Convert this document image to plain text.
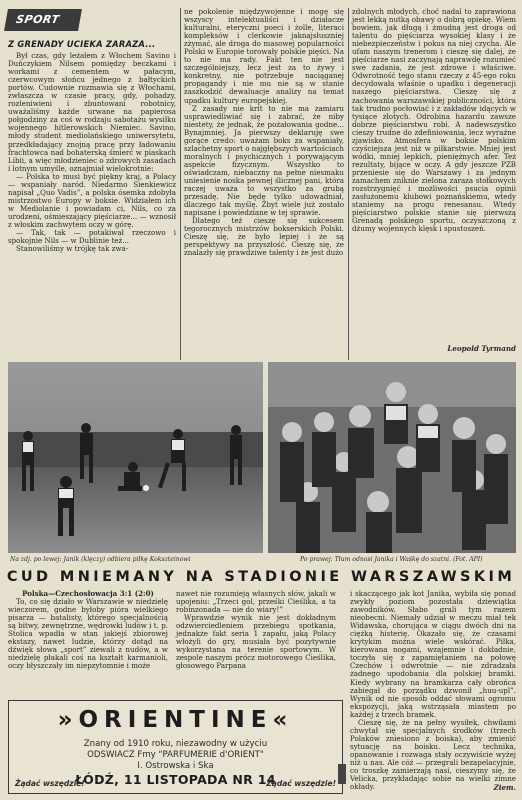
SPORT
Z GRENADY UCIEKA ZARAZA...

Był czas, gdy leżałem z Włochem Savino i Duńczykiem Nilsem pomiędzy beczkami i workami z cementem w pałacym, czerwcowym słońcu jednego z bałtyckich portów. Cudownie rozmawia się z Włochami, zwłaszcza w czasie pracy, gdy, pohadzy, rozleniwieni i zbuntowani robotnicy, uważaliśmy każde urwane na papierosa połgodziny za coś w rodzaju sabotażu wysiłku wojennego hitlerowskich Niemiec. Savino, młody student mediolańskiego uniwersytetu, przedkładający znojną pracę przy ładowaniu frachtowca nad bohaterską śmierć w piaskach Libii, a więc młodzieniec o zdrowych zasadach i lotnym umyśle, oznajmiał wielokrotnie:

— Polska to musi być piękny kraj, a Polacy — wspaniały naród. Niedarmo Sienkiewicz napisał „Quo Vadis”, a polska ósemka zdobyła mistrzostwo Europy w boksie. Widziałem ich w Mediolanie i powiadam ci, Nils, co za urodzeni, ośmieszający pięściarze... — wznosił z włoskim zachwytem oczy w górę.

— Tak, tak — potakiwał rzeczowo i spokojnie Nils — w Dublinie też...

Stanowiliśmy w trójkę tak zwa-

ne pokolenie międzywojenne i mogę się wszyscy intelektualiści i działacze kulturalni, eteryczni poeci i żolle, literaci kompleksów i clerkowie jaknajsłuszniej zżymać, ale droga do masowej popularności Polski w Europie torowały polskie pięści. Na to nie ma rady. Fakt ten nie jest szczególniejszy, lecz jest za to żywy i konkretny, nie potrzebuje naciąganej propagandy i nie mu nie są w stanie zaszkodzić dewaluacje analizy na temat upadku kultury europejskiej.

Z zasady nie krit to nie ma zamiaru usprawiedliwiać się i zabrać, że niby niestety, że jednak, że pożałowania godne... Bynajmniej. Ja pierwszy deklaruję swe gorące credo: uważam boks za wspaniały, szlachetny sport o najgłębszych wartościach moralnych i psychicznych i porywającym aspekcie fizycznym. Wszystko to oświadczam, niebaczny na pełne niesmaku uniesienie noska pewnej ślicznej pani, która raczej uważa to wszystko za grubą przesadę. Nie będę tylko udowadniał, dlaczego tak myślę. Zbyt wiele już zostało napisane i powiedziane w tej sprawie.

Dlatego też cieszę się sukcesem tegorocznych mistrzów bokserskich Polski. Cieszę się, że było lepiej i że są perspektywy na przyszłość. Cieszę się, że znalazły się prawdziwe talenty i że jest dużo

zdolnych młodych, choć nadal to zaprawiona jest lekką nutką obawy o dobrą opiekę. Wiem bowiem, jak długą i żmudną jest droga od talentu do pięściarza wysokiej klasy i że niebezpieczeństw i pokus na niej czycha. Ale ufam naszym trenerom i cieszę się dalej, że pięściarze nasi zaczynają naprawdę rozumieć swe zadania, że jest zdrowe i właściwe. Odwrotność tego stanu rzeczy z 45-ego roku decydowała właśnie o upadku i degeneracji naszego pięściarstwa. Cieszę się z zachowania warszawskiej publiczności, która tak trudno pocłowiać i z zakładów idących w tysiące złotych. Odrobina hazardu zawsze dobrze pięściarstwu robi. A nadewszystko cieszy trudne do zdefiniowania, lecz wyraźne zjawisko. Atmosfera w boksie polskim czyściejsza jest niż w piłkarstwie. Mniej jest wódki, mniej lepkich, pieniężnych afer. Też rezultaty, bijące w oczy. A gdy jeszcze PZB przeniesie się do Warszawy i za jednym zamachem zniknie zielona zaraza stołkowych rozstrzygnięć i możliwości psucia opinii zasłużonemu klubowi poznańskiemu, wtedy staniemy na progu renesansu. Wtedy pięściarstwo polskie stanie się pierwszą Grenadą polskiego sportu, oczyszczoną z dżumy wojennych klęsk i spustoszeń.

Leopold Tyrmand
Na zdj. po lewej: Janik (klęczy) odbiera piłkę Kokszteinowi	Po prawej: Tłum odnosi Janika i Waśkę do szatni. (Fot. API)
CUD MNIEMANY NA STADIONIE WARSZAWSKIM

Polska—Czechosłowacja 3:1 (2:0)

To, co się działo w Warszawie w niedzielę wieczorem, godne byłoby pióra wielkiego pisarza — batalisty, którego specjalnością są bitwy, zewnętrzne, wędrowki ludów i t. p. Stolica wpadła w stan jakiejś zbiorowej ekstazy, nawet ludzie, którzy dotąd na dźwięk słowa „sport” ziewali z nudów, a w niedzielę płakali coś na kształt karmanioli, oczy błyszczały im niepzytomnie i może

nawet nie rozumieją własnych słów, jakali w upojeniu: „Trzeci gol, prześki Cieślika, a ta robinzonada — nie do wiary!”

Wprawdzie wynik nie jest dokładnym odzwierciedleniem przebiegu spotkania, jednakże fakt seria 1 zapału, jaką Polacy włożyli do gry, musiała być pozytywnie wykorzystana na terenie sportowym. W zespole naszym prócz motorowego Cieślika, głosowego Parpana

i skaczącego jak kot Janika, wybiła się ponad zwykły poziom pozostała dziewiątka zawodników. Słabo grali tym razem nieobecni. Niemały udział w meczu miał tek Widawska, chorująca w ciągu dwóch dni na ciężką histerię. Okazało się, że czasami krytykim można wiele wskórać. Piłka, kierowana nogami, wzajemnie i dokładnie, toczyła się z zapamiętaniem na połowę Czechów i odwrotnie — nie zdradzała żadnego upodobania dla polskiej bramki. Kiedy wybrany na bramkarza cały obrońca zabiegał do porządku dzwonił „huu-upl”. Wynik od nie sposób oddać słowami ogromu ekspozycji, jaką wstrząsała miastem po każdej z trzech bramek.

Cieszę się, że na pełny wysiłek, chwilami chwytał się specjalnych środków (trzech Polaków zniesiono z boiska), aby zmienić sytuację na boisku. Lecz technika, opanowanie i rozwaga stały oczywiście wyżej niż u nas. Ale cóż — przegrali bezapelacyjnie, co troszkę zamierzają nasi, cieszymy się, że Velicka, przykładając sobie na wielki zimne okłady.	Ziem.
»ORIENTINE«
Znany od 1910 roku, niezawodny w użyciu
ODSWIACZ Fmy "PARFUMERIE d'ORIENT"
I. Ostrowska i Ska
ŁÓDŹ, 11 LISTOPADA NR 14
Żądać wszędzie!	Żądać wszędzie!
